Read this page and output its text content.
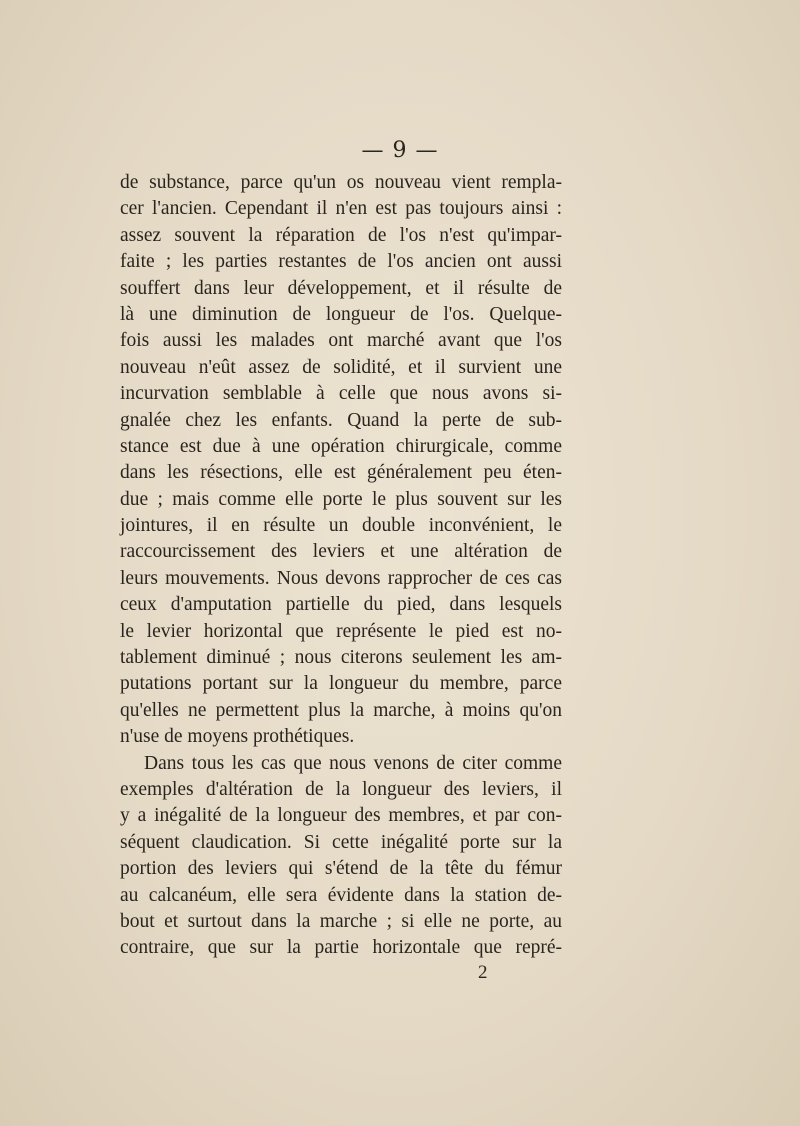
— 9 —
de substance, parce qu'un os nouveau vient rempla-
cer l'ancien. Cependant il n'en est pas toujours ainsi :
assez souvent la réparation de l'os n'est qu'impar-
faite ; les parties restantes de l'os ancien ont aussi
souffert dans leur développement, et il résulte de
là une diminution de longueur de l'os. Quelque-
fois aussi les malades ont marché avant que l'os
nouveau n'eût assez de solidité, et il survient une
incurvation semblable à celle que nous avons si-
gnalée chez les enfants. Quand la perte de sub-
stance est due à une opération chirurgicale, comme
dans les résections, elle est généralement peu éten-
due ; mais comme elle porte le plus souvent sur les
jointures, il en résulte un double inconvénient, le
raccourcissement des leviers et une altération de
leurs mouvements. Nous devons rapprocher de ces cas
ceux d'amputation partielle du pied, dans lesquels
le levier horizontal que représente le pied est no-
tablement diminué ; nous citerons seulement les am-
putations portant sur la longueur du membre, parce
qu'elles ne permettent plus la marche, à moins qu'on
n'use de moyens prothétiques.
Dans tous les cas que nous venons de citer comme
exemples d'altération de la longueur des leviers, il
y a inégalité de la longueur des membres, et par con-
séquent claudication. Si cette inégalité porte sur la
portion des leviers qui s'étend de la tête du fémur
au calcanéum, elle sera évidente dans la station de-
bout et surtout dans la marche ; si elle ne porte, au
contraire, que sur la partie horizontale que repré-
2
